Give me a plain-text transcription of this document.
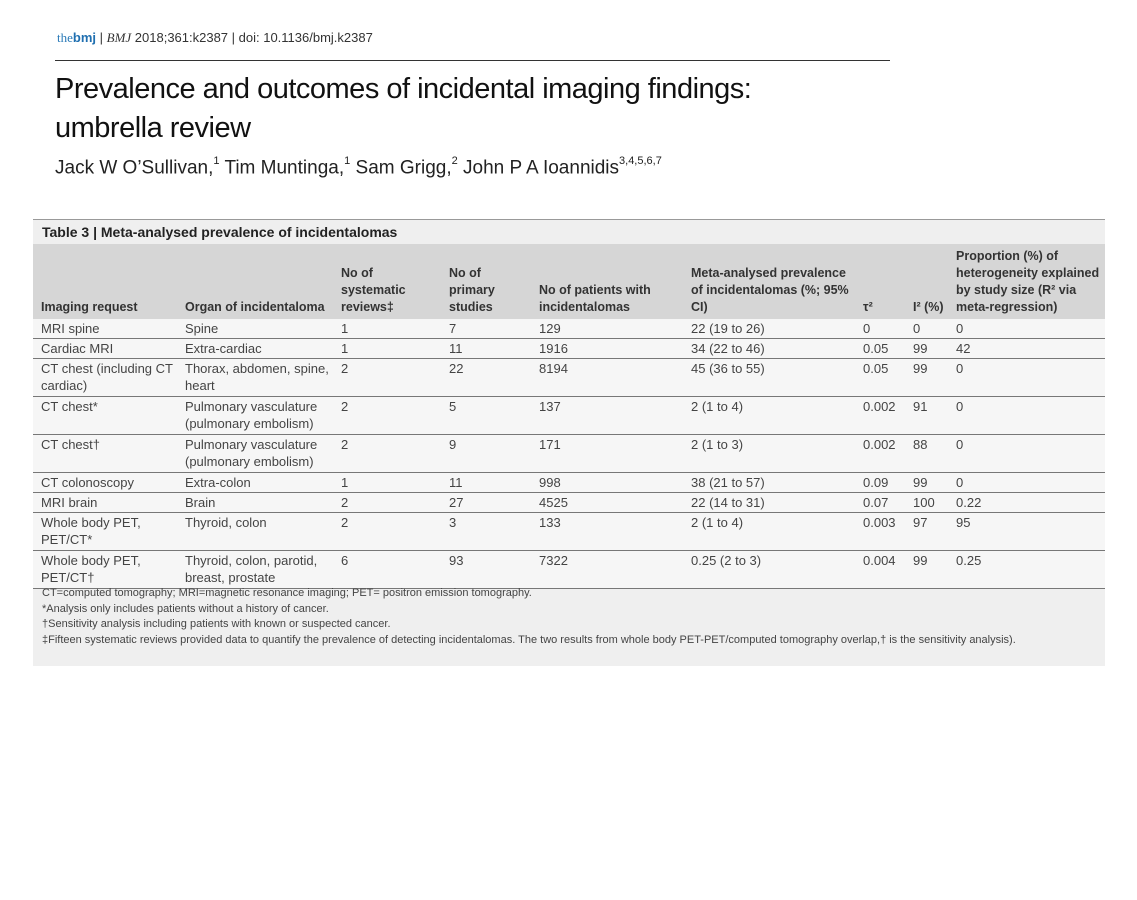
thebmj | BMJ 2018;361:k2387 | doi: 10.1136/bmj.k2387
Prevalence and outcomes of incidental imaging findings: umbrella review
Jack W O’Sullivan,$^1$ Tim Muntinga,$^1$ Sam Grigg,$^2$ John P A Ioannidis$^{3,4,5,6,7}$
Table 3 | Meta-analysed prevalence of incidentalomas
Imaging request	Organ of incidentaloma	No of systematic reviews‡	No of primary studies	No of patients with incidentalomas	Meta-analysed prevalence of incidentalomas (%; 95% CI)	τ²	I² (%)	Proportion (%) of heterogeneity explained by study size (R² via meta-regression)
MRI spine	Spine	1	7	129	22 (19 to 26)	0	0	0
Cardiac MRI	Extra-cardiac	1	11	1916	34 (22 to 46)	0.05	99	42
CT chest (including CT cardiac)	Thorax, abdomen, spine, heart	2	22	8194	45 (36 to 55)	0.05	99	0
CT chest*	Pulmonary vasculature (pulmonary embolism)	2	5	137	2 (1 to 4)	0.002	91	0
CT chest†	Pulmonary vasculature (pulmonary embolism)	2	9	171	2 (1 to 3)	0.002	88	0
CT colonoscopy	Extra-colon	1	11	998	38 (21 to 57)	0.09	99	0
MRI brain	Brain	2	27	4525	22 (14 to 31)	0.07	100	0.22
Whole body PET, PET/CT*	Thyroid, colon	2	3	133	2 (1 to 4)	0.003	97	95
Whole body PET, PET/CT†	Thyroid, colon, parotid, breast, prostate	6	93	7322	0.25 (2 to 3)	0.004	99	0.25
CT=computed tomography; MRI=magnetic resonance imaging; PET= positron emission tomography.
*Analysis only includes patients without a history of cancer.
†Sensitivity analysis including patients with known or suspected cancer.
‡Fifteen systematic reviews provided data to quantify the prevalence of detecting incidentalomas. The two results from whole body PET-PET/computed tomography overlap,† is the sensitivity analysis).
